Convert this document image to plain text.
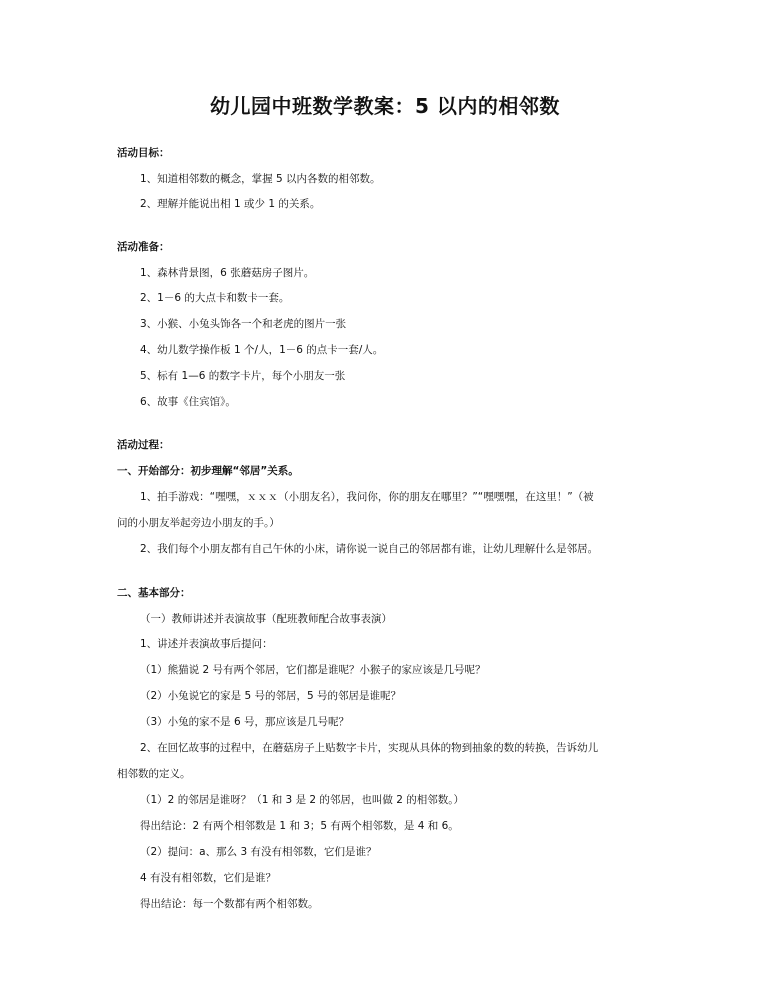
幼儿园中班数学教案：5 以内的相邻数
活动目标：
1、知道相邻数的概念，掌握 5 以内各数的相邻数。
2、理解并能说出相 1 或少 1 的关系。
活动准备：
1、森林背景图，6 张蘑菇房子图片。
2、1－6 的大点卡和数卡一套。
3、小猴、小兔头饰各一个和老虎的图片一张
4、幼儿数学操作板 1 个/人，1－6 的点卡一套/人。
5、标有 1—6 的数字卡片，每个小朋友一张
6、故事《住宾馆》。
活动过程：
一、开始部分：初步理解“邻居”关系。
1、拍手游戏：“嘿嘿，ｘｘｘ（小朋友名），我问你，你的朋友在哪里？”“嘿嘿嘿，在这里！”（被
问的小朋友举起旁边小朋友的手。）
2、我们每个小朋友都有自己午休的小床，请你说一说自己的邻居都有谁，让幼儿理解什么是邻居。
二、基本部分：
（一）教师讲述并表演故事（配班教师配合故事表演）
1、讲述并表演故事后提问：
（1）熊猫说 2 号有两个邻居，它们都是谁呢？小猴子的家应该是几号呢？
（2）小兔说它的家是 5 号的邻居，5 号的邻居是谁呢？
（3）小兔的家不是 6 号，那应该是几号呢？
2、在回忆故事的过程中，在蘑菇房子上贴数字卡片，实现从具体的物到抽象的数的转换，告诉幼儿
相邻数的定义。
（1）2 的邻居是谁呀？（1 和 3 是 2 的邻居，也叫做 2 的相邻数。）
得出结论：2 有两个相邻数是 1 和 3；5 有两个相邻数，是 4 和 6。
（2）提问：a、那么 3 有没有相邻数，它们是谁？
4 有没有相邻数，它们是谁？
得出结论：每一个数都有两个相邻数。
